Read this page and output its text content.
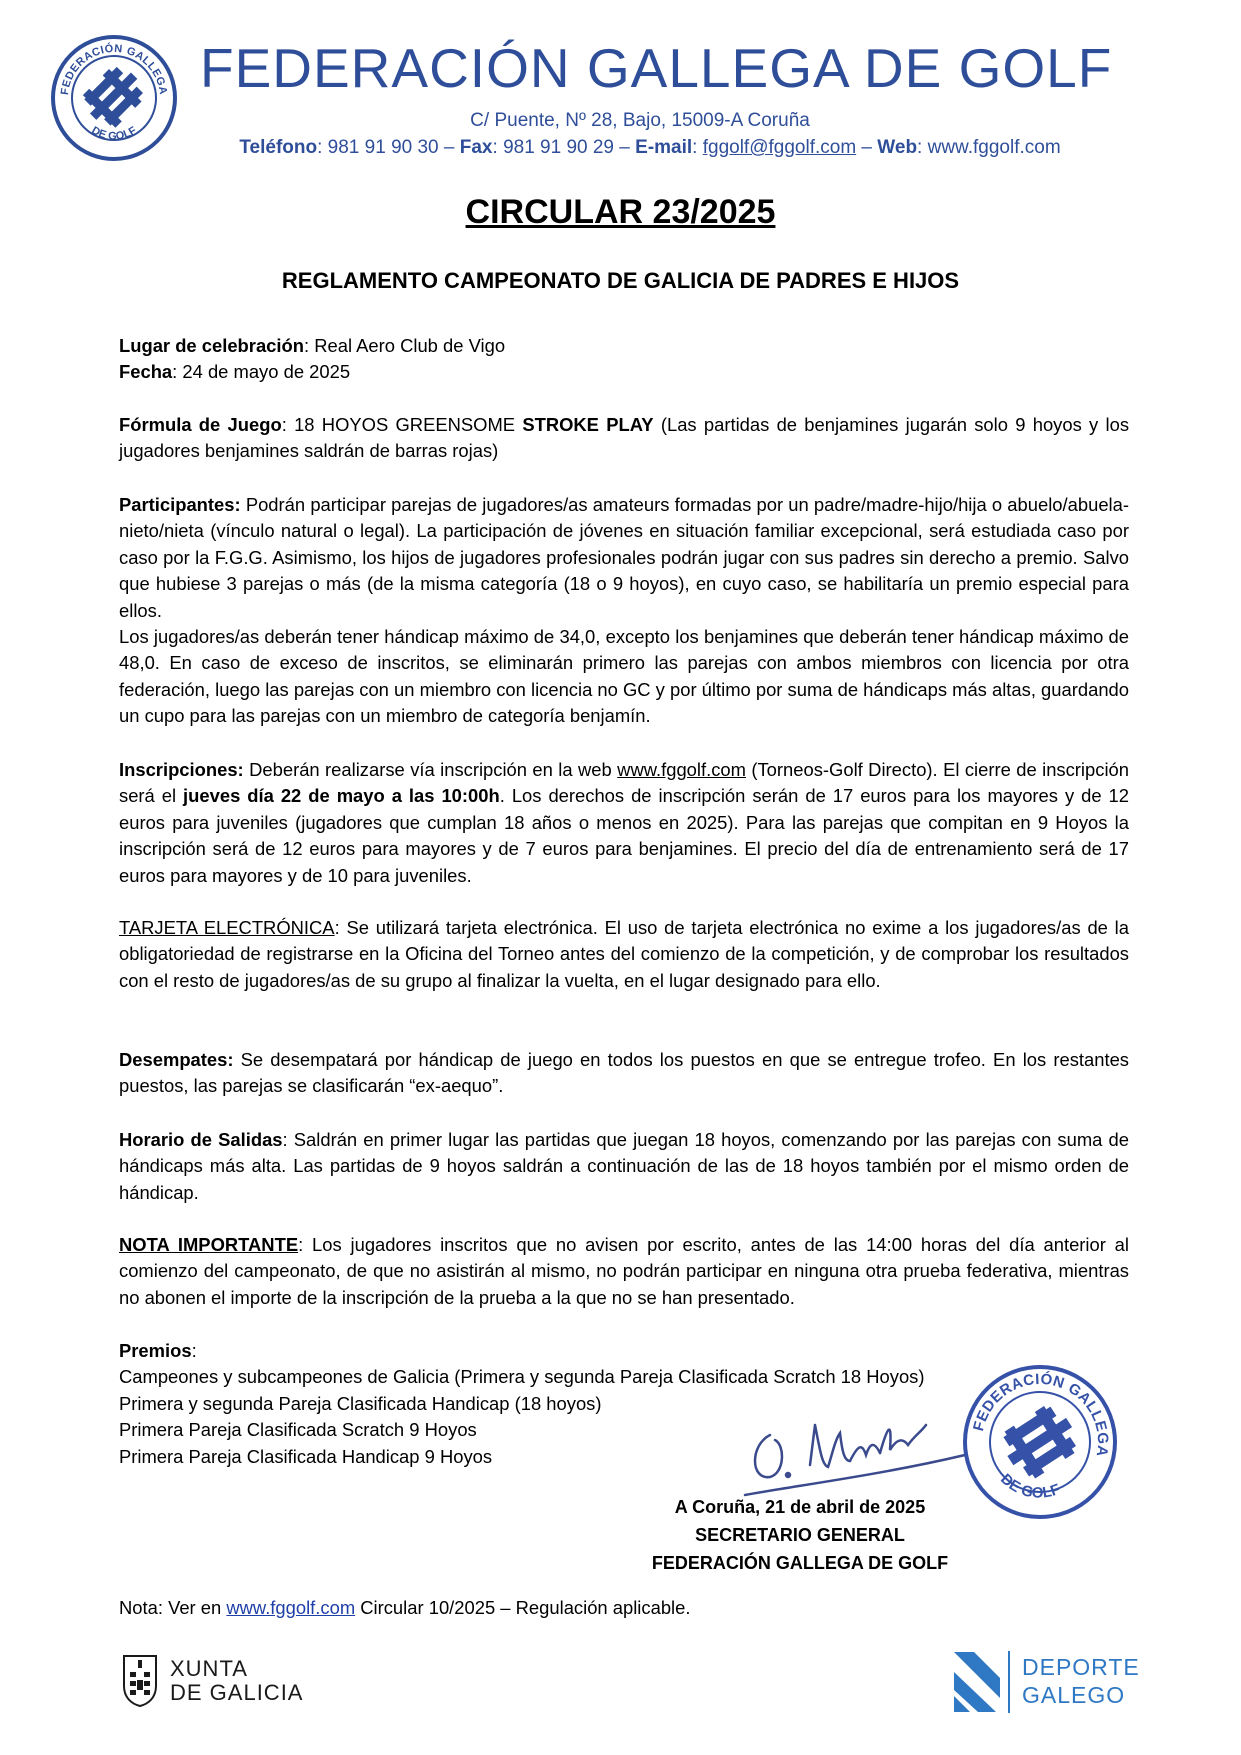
FEDERACIÓN GALLEGA
DE GOLF
FEDERACIÓN GALLEGA DE GOLF
C/ Puente, Nº 28, Bajo, 15009-A Coruña
Teléfono: 981 91 90 30 – Fax: 981 91 90 29 – E-mail: fggolf@fggolf.com – Web: www.fggolf.com
CIRCULAR 23/2025
REGLAMENTO CAMPEONATO DE GALICIA DE PADRES E HIJOS

Lugar de celebración: Real Aero Club de Vigo

Fecha: 24 de mayo de 2025

Fórmula de Juego: 18 HOYOS GREENSOME STROKE PLAY (Las partidas de benjamines jugarán solo 9 hoyos y los jugadores benjamines saldrán de barras rojas)

Participantes: Podrán participar parejas de jugadores/as amateurs formadas por un padre/madre-hijo/hija o abuelo/abuela-nieto/nieta (vínculo natural o legal). La participación de jóvenes en situación familiar excepcional, será estudiada caso por caso por la F.G.G. Asimismo, los hijos de jugadores profesionales podrán jugar con sus padres sin derecho a premio. Salvo que hubiese 3 parejas o más (de la misma categoría (18 o 9 hoyos), en cuyo caso, se habilitaría un premio especial para ellos.

Los jugadores/as deberán tener hándicap máximo de 34,0, excepto los benjamines que deberán tener hándicap máximo de 48,0. En caso de exceso de inscritos, se eliminarán primero las parejas con ambos miembros con licencia por otra federación, luego las parejas con un miembro con licencia no GC y por último por suma de hándicaps más altas, guardando un cupo para las parejas con un miembro de categoría benjamín.

Inscripciones: Deberán realizarse vía inscripción en la web www.fggolf.com (Torneos-Golf Directo). El cierre de inscripción será el jueves día 22 de mayo a las 10:00h. Los derechos de inscripción serán de 17 euros para los mayores y de 12 euros para juveniles (jugadores que cumplan 18 años o menos en 2025). Para las parejas que compitan en 9 Hoyos la inscripción será de 12 euros para mayores y de 7 euros para benjamines. El precio del día de entrenamiento será de 17 euros para mayores y de 10 para juveniles.

TARJETA ELECTRÓNICA: Se utilizará tarjeta electrónica. El uso de tarjeta electrónica no exime a los jugadores/as de la obligatoriedad de registrarse en la Oficina del Torneo antes del comienzo de la competición, y de comprobar los resultados con el resto de jugadores/as de su grupo al finalizar la vuelta, en el lugar designado para ello.

Desempates: Se desempatará por hándicap de juego en todos los puestos en que se entregue trofeo. En los restantes puestos, las parejas se clasificarán “ex-aequo”.

Horario de Salidas: Saldrán en primer lugar las partidas que juegan 18 hoyos, comenzando por las parejas con suma de hándicaps más alta. Las partidas de 9 hoyos saldrán a continuación de las de 18 hoyos también por el mismo orden de hándicap.

NOTA IMPORTANTE: Los jugadores inscritos que no avisen por escrito, antes de las 14:00 horas del día anterior al comienzo del campeonato, de que no asistirán al mismo, no podrán participar en ninguna otra prueba federativa, mientras no abonen el importe de la inscripción de la prueba a la que no se han presentado.

Premios:

Campeones y subcampeones de Galicia (Primera y segunda Pareja Clasificada Scratch 18 Hoyos)

Primera y segunda Pareja Clasificada Handicap (18 hoyos)

Primera Pareja Clasificada Scratch 9 Hoyos

Primera Pareja Clasificada Handicap 9 Hoyos

FEDERACIÓN GALLEGA
DE GOLF
A Coruña, 21 de abril de 2025
SECRETARIO GENERAL
FEDERACIÓN GALLEGA DE GOLF
Nota: Ver en www.fggolf.com Circular 10/2025 – Regulación aplicable.
XUNTA
DE GALICIA
DEPORTE
GALEGO
